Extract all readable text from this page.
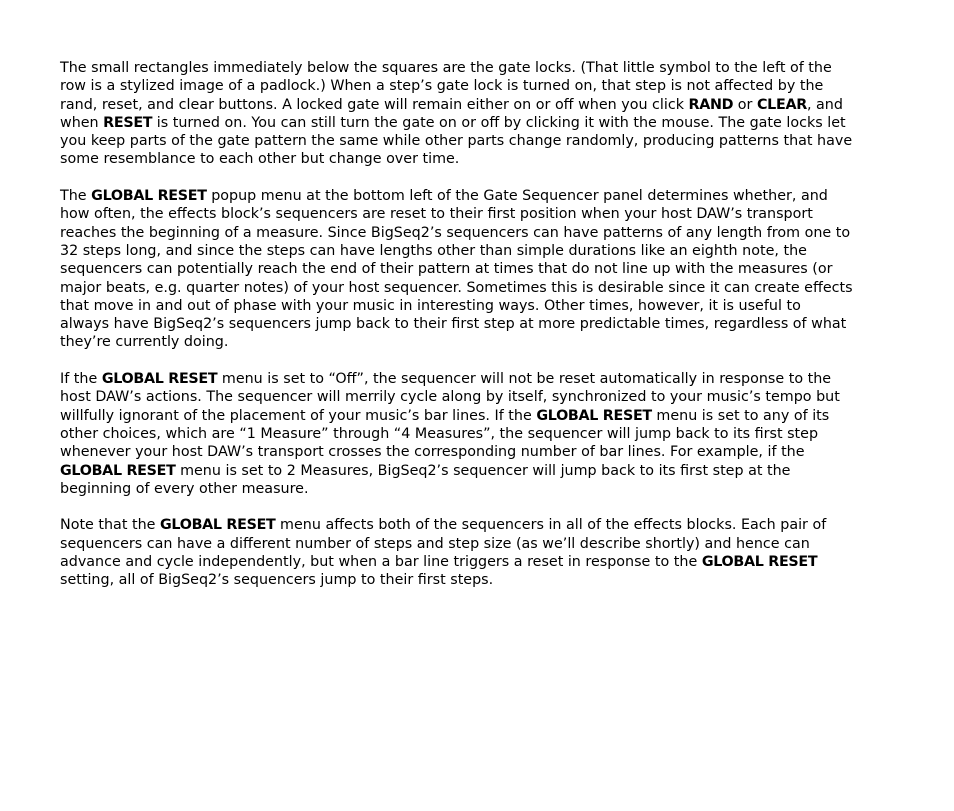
The small rectangles immediately below the squares are the gate locks. (That little symbol to the left of the
row is a stylized image of a padlock.) When a step’s gate lock is turned on, that step is not affected by the
rand, reset, and clear buttons. A locked gate will remain either on or off when you click RAND or CLEAR, and
when RESET is turned on. You can still turn the gate on or off by clicking it with the mouse. The gate locks let
you keep parts of the gate pattern the same while other parts change randomly, producing patterns that have
some resemblance to each other but change over time.

The GLOBAL RESET popup menu at the bottom left of the Gate Sequencer panel determines whether, and
how often, the effects block’s sequencers are reset to their first position when your host DAW’s transport
reaches the beginning of a measure. Since BigSeq2’s sequencers can have patterns of any length from one to
32 steps long, and since the steps can have lengths other than simple durations like an eighth note, the
sequencers can potentially reach the end of their pattern at times that do not line up with the measures (or
major beats, e.g. quarter notes) of your host sequencer. Sometimes this is desirable since it can create effects
that move in and out of phase with your music in interesting ways. Other times, however, it is useful to
always have BigSeq2’s sequencers jump back to their first step at more predictable times, regardless of what
they’re currently doing.

If the GLOBAL RESET menu is set to “Off”, the sequencer will not be reset automatically in response to the
host DAW’s actions. The sequencer will merrily cycle along by itself, synchronized to your music’s tempo but
willfully ignorant of the placement of your music’s bar lines. If the GLOBAL RESET menu is set to any of its
other choices, which are “1 Measure” through “4 Measures”, the sequencer will jump back to its first step
whenever your host DAW’s transport crosses the corresponding number of bar lines. For example, if the
GLOBAL RESET menu is set to 2 Measures, BigSeq2’s sequencer will jump back to its first step at the
beginning of every other measure.

Note that the GLOBAL RESET menu affects both of the sequencers in all of the effects blocks. Each pair of
sequencers can have a different number of steps and step size (as we’ll describe shortly) and hence can
advance and cycle independently, but when a bar line triggers a reset in response to the GLOBAL RESET
setting, all of BigSeq2’s sequencers jump to their first steps.
